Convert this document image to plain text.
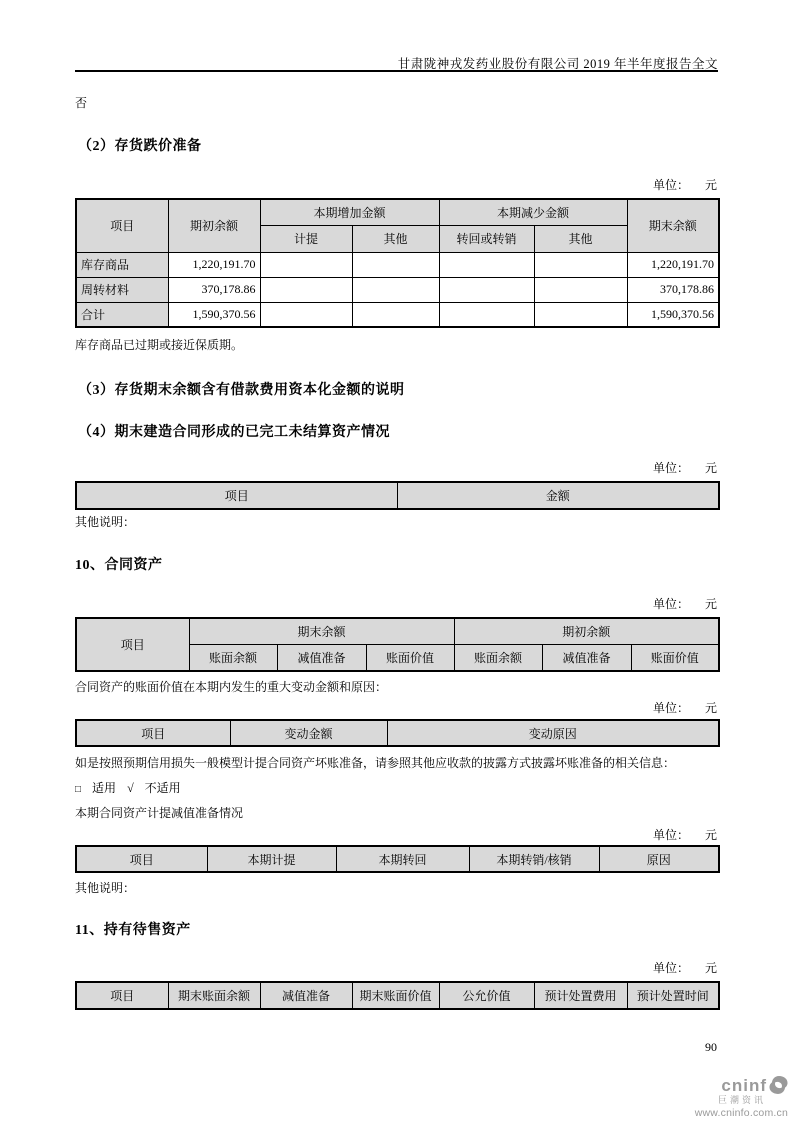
甘肃陇神戎发药业股份有限公司 2019 年半年度报告全文
否
（2）存货跌价准备
单位： 元
项目	期初余额	本期增加金额		本期减少金额		期末余额
		计提	其他	转回或转销	其他	
库存商品	1,220,191.70					1,220,191.70
周转材料	370,178.86					370,178.86
合计	1,590,370.56					1,590,370.56
库存商品已过期或接近保质期。
（3）存货期末余额含有借款费用资本化金额的说明
（4）期末建造合同形成的已完工未结算资产情况
单位： 元
项目	金额
其他说明：
10、合同资产
单位： 元
项目	期末余额			期初余额		
	账面余额	减值准备	账面价值	账面余额	减值准备	账面价值
合同资产的账面价值在本期内发生的重大变动金额和原因：
单位： 元
项目	变动金额	变动原因
如是按照预期信用损失一般模型计提合同资产坏账准备，请参照其他应收款的披露方式披露坏账准备的相关信息：
□ 适用 √ 不适用
本期合同资产计提减值准备情况
单位： 元
项目	本期计提	本期转回	本期转销/核销	原因
其他说明：
11、持有待售资产
单位： 元
项目	期末账面余额	减值准备	期末账面价值	公允价值	预计处置费用	预计处置时间
90
cninf
巨潮资讯
www.cninfo.com.cn
